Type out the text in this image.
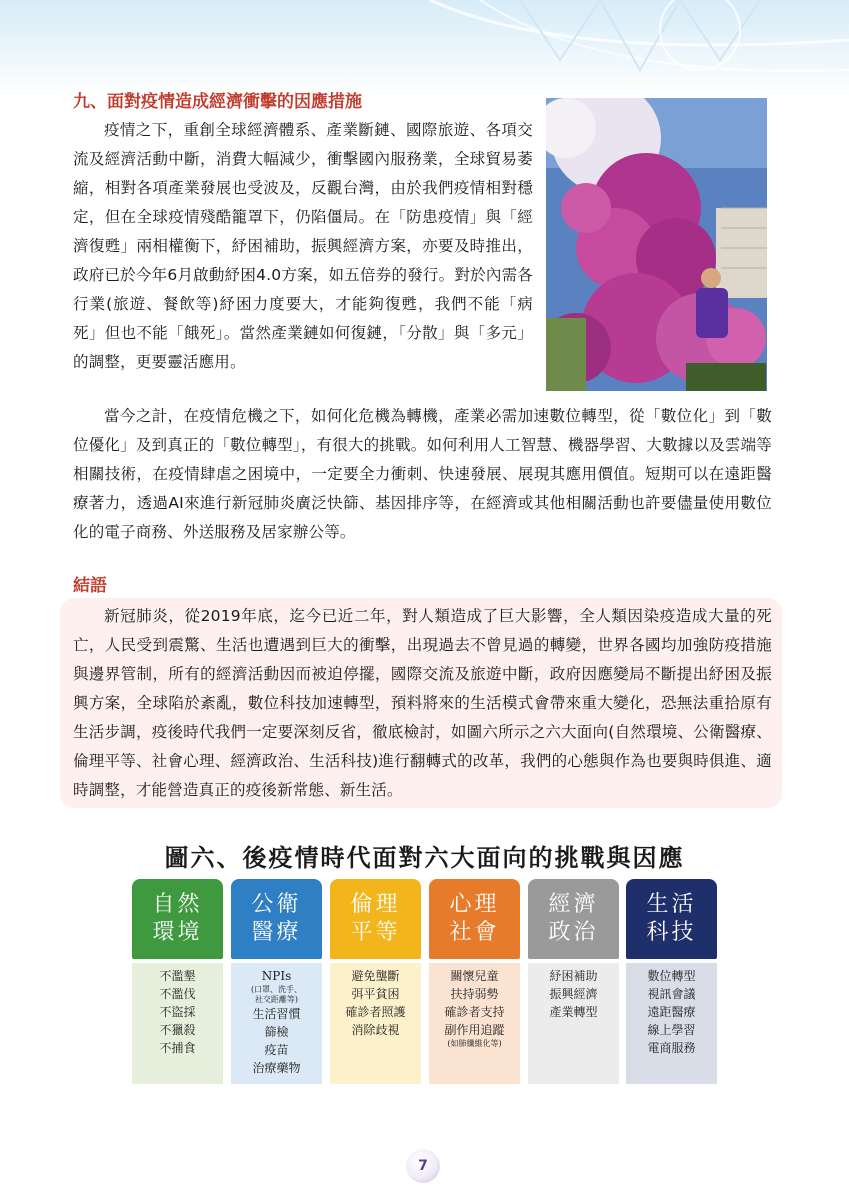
九、面對疫情造成經濟衝擊的因應措施

疫情之下，重創全球經濟體系、產業斷鏈、國際旅遊、各項交流及經濟活動中斷，消費大幅減少，衝擊國內服務業，全球貿易萎縮，相對各項產業發展也受波及，反觀台灣，由於我們疫情相對穩定，但在全球疫情殘酷籠罩下，仍陷僵局。在「防患疫情」與「經濟復甦」兩相權衡下，紓困補助，振興經濟方案，亦要及時推出，政府已於今年6月啟動紓困4.0方案，如五倍券的發行。對於內需各行業(旅遊、餐飲等)紓困力度要大，才能夠復甦，我們不能「病死」但也不能「餓死」。當然產業鏈如何復鏈，「分散」與「多元」的調整，更要靈活應用。

當今之計，在疫情危機之下，如何化危機為轉機，產業必需加速數位轉型，從「數位化」到「數位優化」及到真正的「數位轉型」，有很大的挑戰。如何利用人工智慧、機器學習、大數據以及雲端等相關技術，在疫情肆虐之困境中，一定要全力衝刺、快速發展、展現其應用價值。短期可以在遠距醫療著力，透過AI來進行新冠肺炎廣泛快篩、基因排序等，在經濟或其他相關活動也許要儘量使用數位化的電子商務、外送服務及居家辦公等。

結語

新冠肺炎，從2019年底，迄今已近二年，對人類造成了巨大影響，全人類因染疫造成大量的死亡，人民受到震驚、生活也遭遇到巨大的衝擊，出現過去不曾見過的轉變，世界各國均加強防疫措施與邊界管制，所有的經濟活動因而被迫停擺，國際交流及旅遊中斷，政府因應變局不斷提出紓困及振興方案，全球陷於紊亂，數位科技加速轉型，預料將來的生活模式會帶來重大變化，恐無法重拾原有生活步調，疫後時代我們一定要深刻反省，徹底檢討，如圖六所示之六大面向(自然環境、公衛醫療、倫理平等、社會心理、經濟政治、生活科技)進行翻轉式的改革，我們的心態與作為也要與時俱進、適時調整，才能營造真正的疫後新常態、新生活。

圖六、後疫情時代面對六大面向的挑戰與因應
自然
環境
不濫墾
不濫伐
不盜採
不獵殺
不捕食
公衛
醫療
NPIs
(口罩、洗手、
社交距離等)
生活習慣
篩檢
疫苗
治療藥物
倫理
平等
避免壟斷
弭平貧困
確診者照護
消除歧視
心理
社會
關懷兒童
扶持弱勢
確診者支持
副作用追蹤
(如肺纖維化等)
經濟
政治
紓困補助
振興經濟
產業轉型
生活
科技
數位轉型
視訊會議
遠距醫療
線上學習
電商服務
7
